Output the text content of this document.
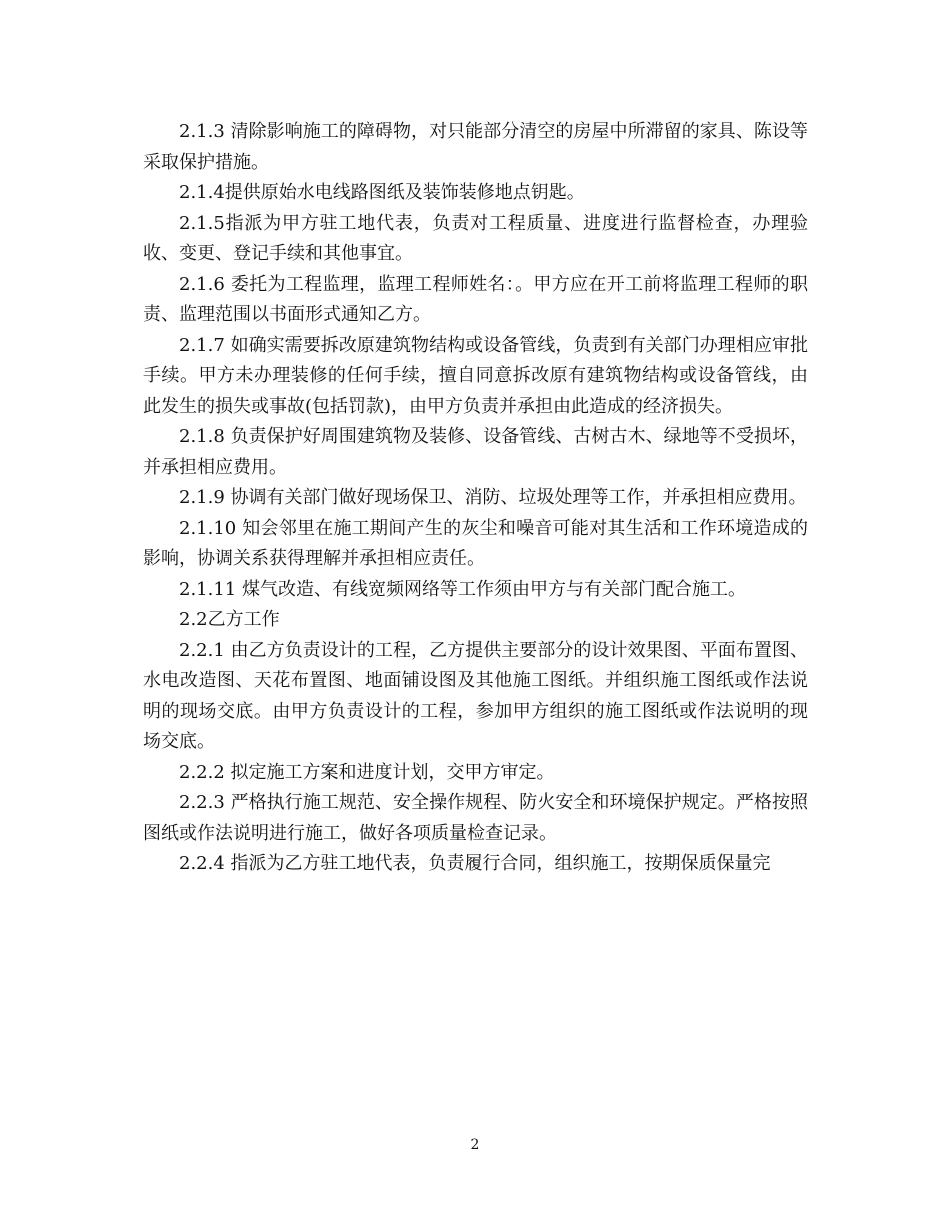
2.1.3 清除影响施工的障碍物，对只能部分清空的房屋中所滞留的家具、陈设等采取保护措施。

2.1.4提供原始水电线路图纸及装饰装修地点钥匙。

2.1.5指派为甲方驻工地代表，负责对工程质量、进度进行监督检查，办理验收、变更、登记手续和其他事宜。

2.1.6 委托为工程监理，监理工程师姓名：。甲方应在开工前将监理工程师的职责、监理范围以书面形式通知乙方。

2.1.7 如确实需要拆改原建筑物结构或设备管线，负责到有关部门办理相应审批手续。甲方未办理装修的任何手续，擅自同意拆改原有建筑物结构或设备管线，由此发生的损失或事故(包括罚款)，由甲方负责并承担由此造成的经济损失。

2.1.8 负责保护好周围建筑物及装修、设备管线、古树古木、绿地等不受损坏，并承担相应费用。

2.1.9 协调有关部门做好现场保卫、消防、垃圾处理等工作，并承担相应费用。

2.1.10 知会邻里在施工期间产生的灰尘和噪音可能对其生活和工作环境造成的影响，协调关系获得理解并承担相应责任。

2.1.11 煤气改造、有线宽频网络等工作须由甲方与有关部门配合施工。

2.2乙方工作

2.2.1 由乙方负责设计的工程，乙方提供主要部分的设计效果图、平面布置图、水电改造图、天花布置图、地面铺设图及其他施工图纸。并组织施工图纸或作法说明的现场交底。由甲方负责设计的工程，参加甲方组织的施工图纸或作法说明的现场交底。

2.2.2 拟定施工方案和进度计划，交甲方审定。

2.2.3 严格执行施工规范、安全操作规程、防火安全和环境保护规定。严格按照图纸或作法说明进行施工，做好各项质量检查记录。

2.2.4 指派为乙方驻工地代表，负责履行合同，组织施工，按期保质保量完

2
